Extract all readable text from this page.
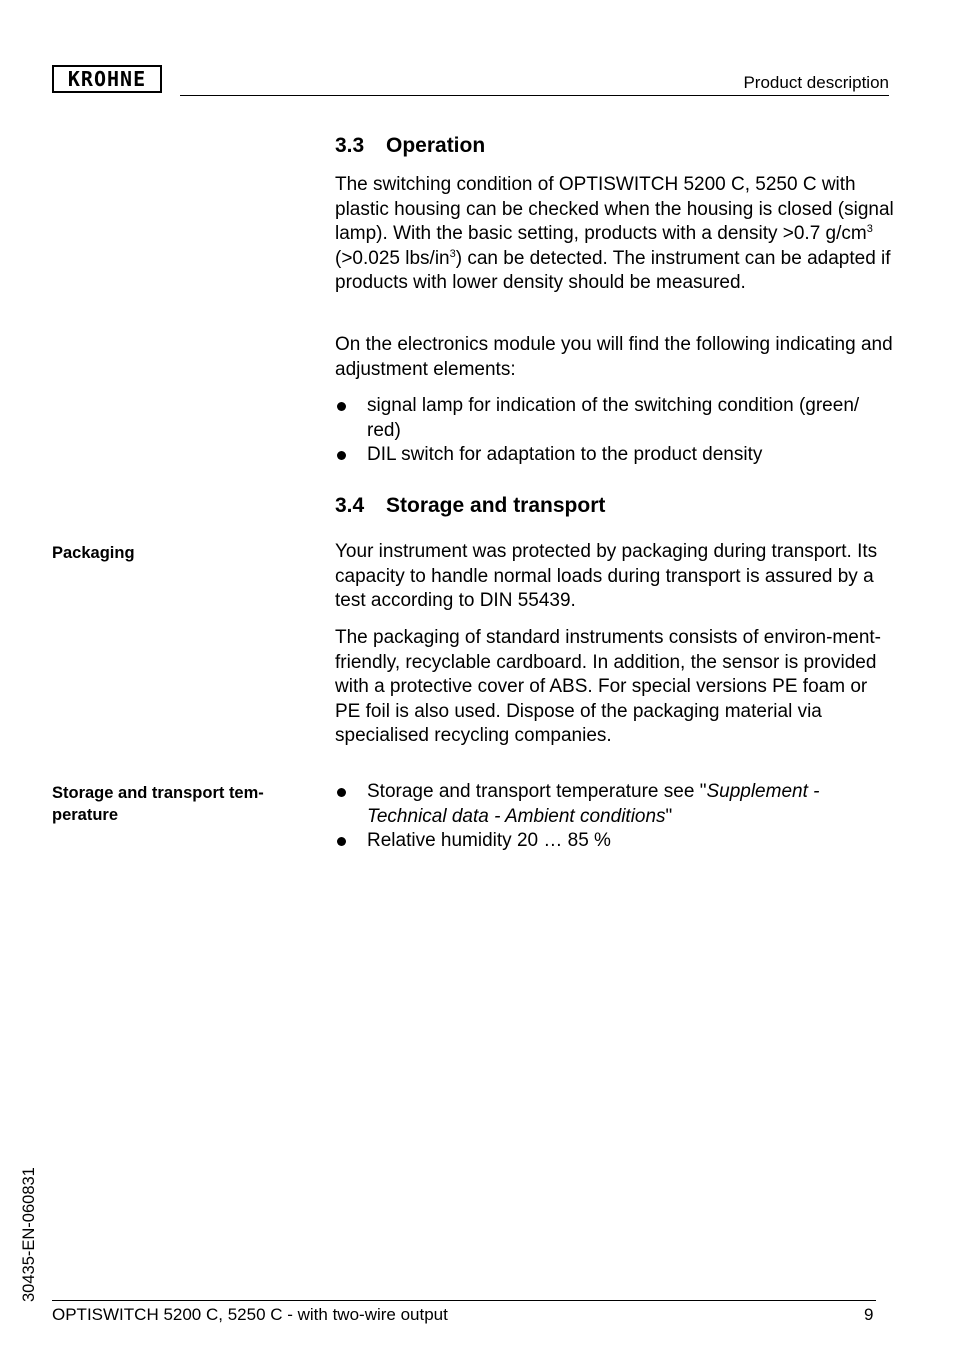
KROHNE	Product description
3.3 Operation

The switching condition of OPTISWITCH 5200 C, 5250 C with plastic housing can be checked when the housing is closed (signal lamp). With the basic setting, products with a density >0.7 $g/cm^3$ (>0.025 lbs/$in^3$) can be detected. The instrument can be adapted if products with lower density should be measured.

On the electronics module you will find the following indicating and adjustment elements:

signal lamp for indication of the switching condition (green/ red)
DIL switch for adaptation to the product density
3.4 Storage and transport

Packaging	Your instrument was protected by packaging during transport. Its capacity to handle normal loads during transport is assured by a test according to DIN 55439.

The packaging of standard instruments consists of environ-ment-friendly, recyclable cardboard. In addition, the sensor is provided with a protective cover of ABS. For special versions PE foam or PE foil is also used. Dispose of the packaging material via specialised recycling companies.

Storage and transport tem-perature

Storage and transport temperature see "Supplement - Technical data - Ambient conditions"
Relative humidity 20 … 85 %
30435-EN-060831
OPTISWITCH 5200 C, 5250 C - with two-wire output	9
